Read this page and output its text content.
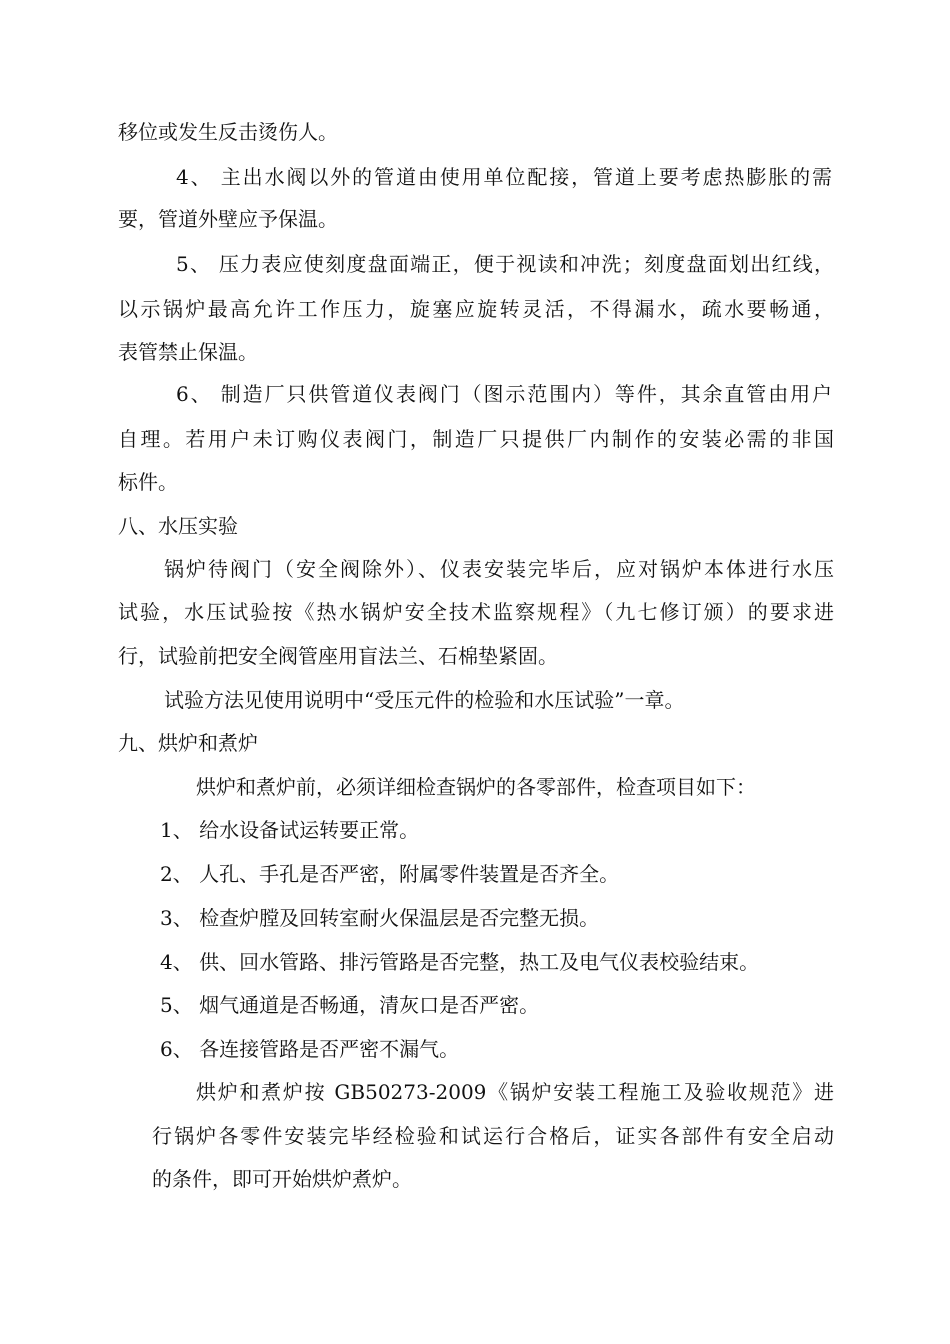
移位或发生反击烫伤人。
4、 主出水阀以外的管道由使用单位配接，管道上要考虑热膨胀的需
要，管道外壁应予保温。
5、 压力表应使刻度盘面端正，便于视读和冲洗；刻度盘面划出红线，
以示锅炉最高允许工作压力，旋塞应旋转灵活，不得漏水，疏水要畅通，
表管禁止保温。
6、 制造厂只供管道仪表阀门（图示范围内）等件，其余直管由用户
自理。若用户未订购仪表阀门，制造厂只提供厂内制作的安装必需的非国
标件。
八、水压实验
锅炉待阀门（安全阀除外）、仪表安装完毕后，应对锅炉本体进行水压
试验，水压试验按《热水锅炉安全技术监察规程》（九七修订颁）的要求进
行，试验前把安全阀管座用盲法兰、石棉垫紧固。
试验方法见使用说明中“受压元件的检验和水压试验”一章。
九、烘炉和煮炉
烘炉和煮炉前，必须详细检查锅炉的各零部件，检查项目如下：
1、 给水设备试运转要正常。
2、 人孔、手孔是否严密，附属零件装置是否齐全。
3、 检查炉膛及回转室耐火保温层是否完整无损。
4、 供、回水管路、排污管路是否完整，热工及电气仪表校验结束。
5、 烟气通道是否畅通，清灰口是否严密。
6、 各连接管路是否严密不漏气。
烘炉和煮炉按 GB50273-2009《锅炉安装工程施工及验收规范》进
行锅炉各零件安装完毕经检验和试运行合格后，证实各部件有安全启动
的条件，即可开始烘炉煮炉。
